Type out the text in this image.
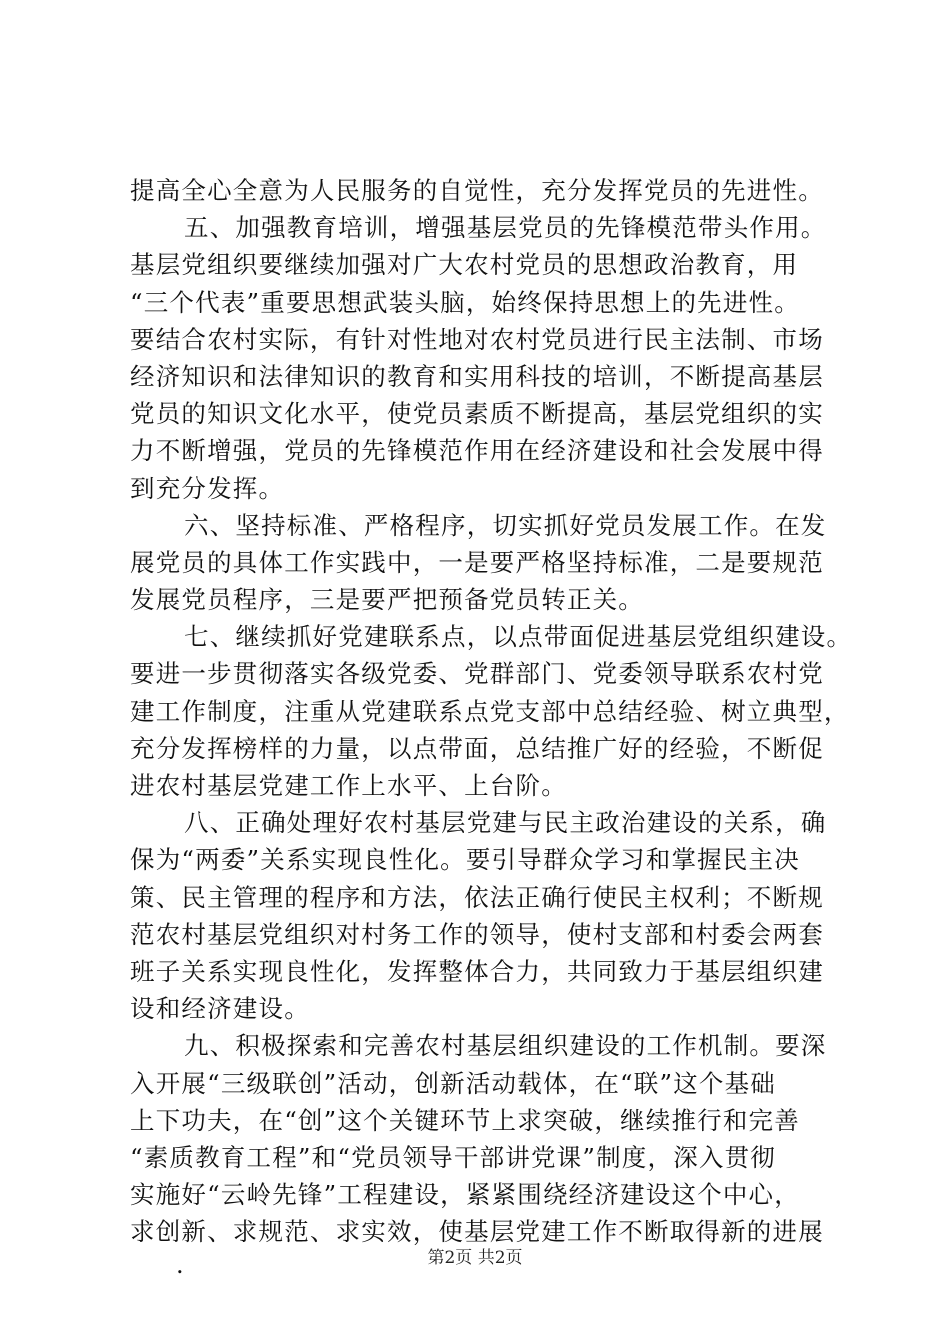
提高全心全意为人民服务的自觉性，充分发挥党员的先进性。
五、加强教育培训，增强基层党员的先锋模范带头作用。
基层党组织要继续加强对广大农村党员的思想政治教育，用
“三个代表”重要思想武装头脑，始终保持思想上的先进性。
要结合农村实际，有针对性地对农村党员进行民主法制、市场
经济知识和法律知识的教育和实用科技的培训，不断提高基层
党员的知识文化水平，使党员素质不断提高，基层党组织的实
力不断增强，党员的先锋模范作用在经济建设和社会发展中得
到充分发挥。
六、坚持标准、严格程序，切实抓好党员发展工作。在发
展党员的具体工作实践中，一是要严格坚持标准，二是要规范
发展党员程序，三是要严把预备党员转正关。
七、继续抓好党建联系点，以点带面促进基层党组织建设。
要进一步贯彻落实各级党委、党群部门、党委领导联系农村党
建工作制度，注重从党建联系点党支部中总结经验、树立典型，
充分发挥榜样的力量，以点带面，总结推广好的经验，不断促
进农村基层党建工作上水平、上台阶。
八、正确处理好农村基层党建与民主政治建设的关系，确
保为“两委”关系实现良性化。要引导群众学习和掌握民主决
策、民主管理的程序和方法，依法正确行使民主权利；不断规
范农村基层党组织对村务工作的领导，使村支部和村委会两套
班子关系实现良性化，发挥整体合力，共同致力于基层组织建
设和经济建设。
九、积极探索和完善农村基层组织建设的工作机制。要深
入开展“三级联创”活动，创新活动载体，在“联”这个基础
上下功夫，在“创”这个关键环节上求突破，继续推行和完善
“素质教育工程”和“党员领导干部讲党课”制度，深入贯彻
实施好“云岭先锋”工程建设，紧紧围绕经济建设这个中心，
求创新、求规范、求实效，使基层党建工作不断取得新的进展
.	第2页 共2页
